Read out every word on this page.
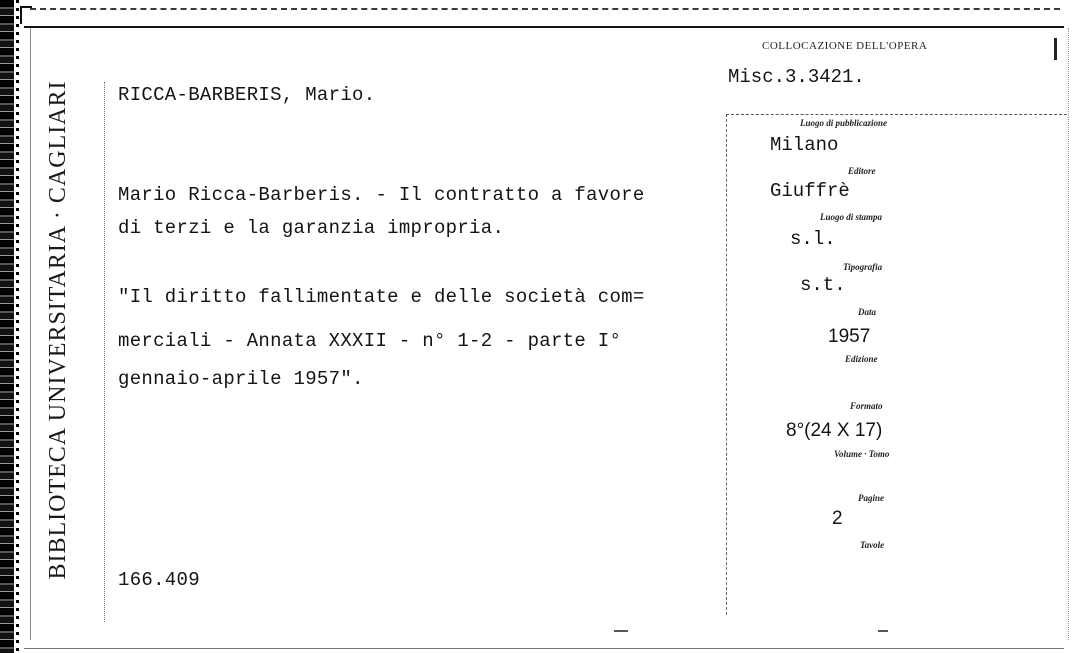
BIBLIOTECA UNIVERSITARIA · CAGLIARI RICCA-BARBERIS, Mario.
Mario Ricca-Barberis. - Il contratto a favore
di terzi e la garanzia impropria.
"Il diritto fallimentate e delle società com=
merciali - Annata XXXII - n° 1-2 - parte I°
gennaio-aprile 1957".
166.409
COLLOCAZIONE DELL'OPERA
Misc.3.3421.
Luogo di pubblicazione
Milano
Editore
Giuffrè
Luogo di stampa
s.l.
Tipografia
s.t.
Data
1957
Edizione
Formato
8°(24 X 17)
Volume · Tomo
Pagine
2
Tavole
